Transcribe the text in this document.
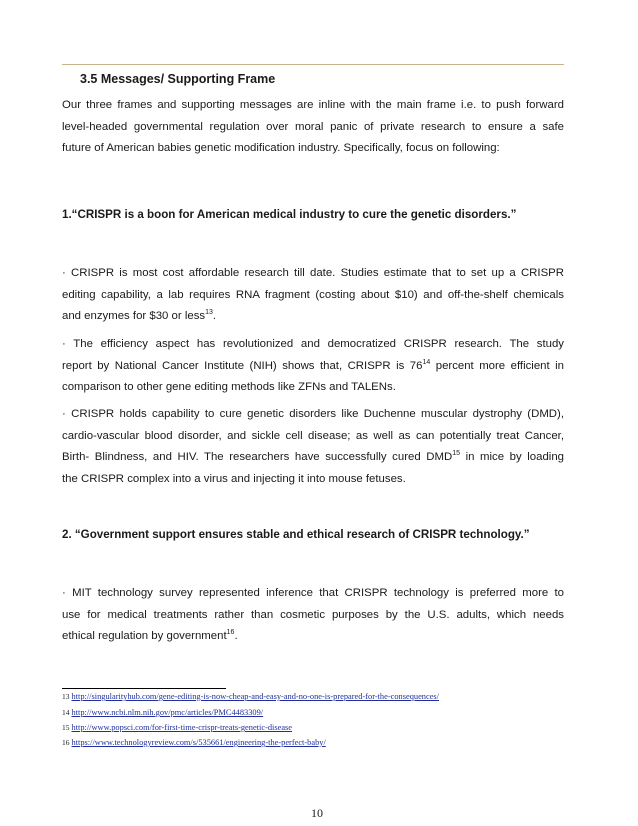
3.5 Messages/ Supporting Frame
Our three frames and supporting messages are inline with the main frame i.e. to push forward
level-headed governmental regulation over moral panic of private research to ensure a safe
future of American babies genetic modification industry. Specifically, focus on following:
1.“CRISPR is a boon for American medical industry to cure the genetic disorders.”
· CRISPR is most cost affordable research till date. Studies estimate that to set up a CRISPR
editing capability, a lab requires RNA fragment (costing about $10) and off-the-shelf chemicals
and enzymes for $30 or less$^{13}$.
· The efficiency aspect has revolutionized and democratized CRISPR research. The study
report by National Cancer Institute (NIH) shows that, CRISPR is $76^{14}$ percent more efficient in
comparison to other gene editing methods like ZFNs and TALENs.
· CRISPR holds capability to cure genetic disorders like Duchenne muscular dystrophy (DMD),
cardio-vascular blood disorder, and sickle cell disease; as well as can potentially treat Cancer,
Birth- Blindness, and HIV. The researchers have successfully cured DMD$^{15}$ in mice by loading
the CRISPR complex into a virus and injecting it into mouse fetuses.
2. “Government support ensures stable and ethical research of CRISPR technology.”
· MIT technology survey represented inference that CRISPR technology is preferred more to
use for medical treatments rather than cosmetic purposes by the U.S. adults, which needs
ethical regulation by government$^{16}$.
13 http://singularityhub.com/gene-editing-is-now-cheap-and-easy-and-no-one-is-prepared-for-the-consequences/
14 http://www.ncbi.nlm.nih.gov/pmc/articles/PMC4483309/
15 http://www.popsci.com/for-first-time-crispr-treats-genetic-disease
16 https://www.technologyreview.com/s/535661/engineering-the-perfect-baby/
10
